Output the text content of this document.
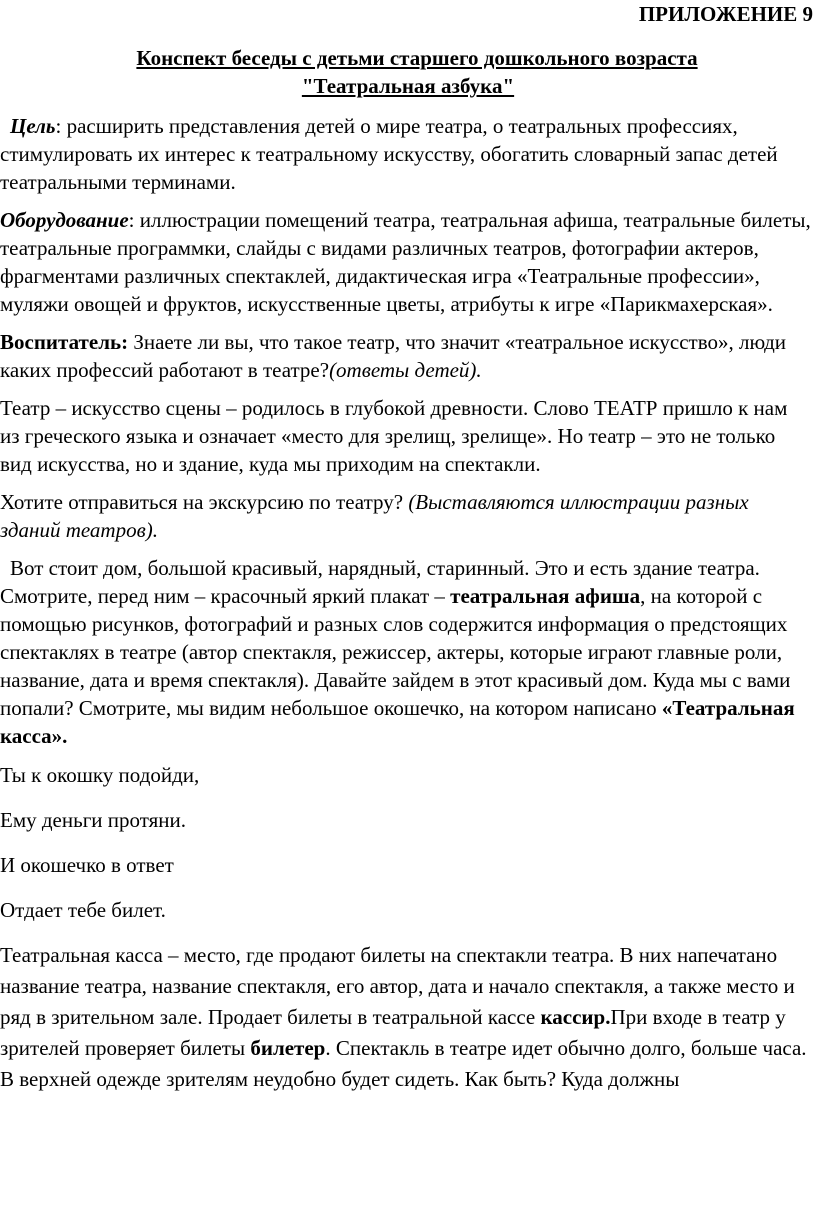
ПРИЛОЖЕНИЕ 9
Конспект беседы с детьми старшего дошкольного возраста
"Театральная азбука"

Цель: расширить представления детей о мире театра, о театральных профессиях, стимулировать их интерес к театральному искусству, обогатить словарный запас детей театральными терминами.

Оборудование: иллюстрации помещений театра, театральная афиша, театральные билеты, театральные программки, слайды с видами различных театров, фотографии актеров, фрагментами различных спектаклей, дидактическая игра «Театральные профессии», муляжи овощей и фруктов, искусственные цветы, атрибуты к игре «Парикмахерская».

Воспитатель: Знаете ли вы, что такое театр, что значит «театральное искусство», люди каких профессий работают в театре?(ответы детей).

Театр – искусство сцены – родилось в глубокой древности. Слово ТЕАТР пришло к нам из греческого языка и означает «место для зрелищ, зрелище». Но театр – это не только вид искусства, но и здание, куда мы приходим на спектакли.

Хотите отправиться на экскурсию по театру? (Выставляются иллюстрации разных зданий театров).

Вот стоит дом, большой красивый, нарядный, старинный. Это и есть здание театра. Смотрите, перед ним – красочный яркий плакат – театральная афиша, на которой с помощью рисунков, фотографий и разных слов содержится информация о предстоящих спектаклях в театре (автор спектакля, режиссер, актеры, которые играют главные роли, название, дата и время спектакля). Давайте зайдем в этот красивый дом. Куда мы с вами попали? Смотрите, мы видим небольшое окошечко, на котором написано «Театральная касса».

Ты к окошку подойди,

Ему деньги протяни.

И окошечко в ответ

Отдает тебе билет.

Театральная касса – место, где продают билеты на спектакли театра. В них напечатано название театра, название спектакля, его автор, дата и начало спектакля, а также место и ряд в зрительном зале. Продает билеты в театральной кассе кассир.При входе в театр у зрителей проверяет билеты билетер. Спектакль в театре идет обычно долго, больше часа. В верхней одежде зрителям неудобно будет сидеть. Как быть? Куда должны
